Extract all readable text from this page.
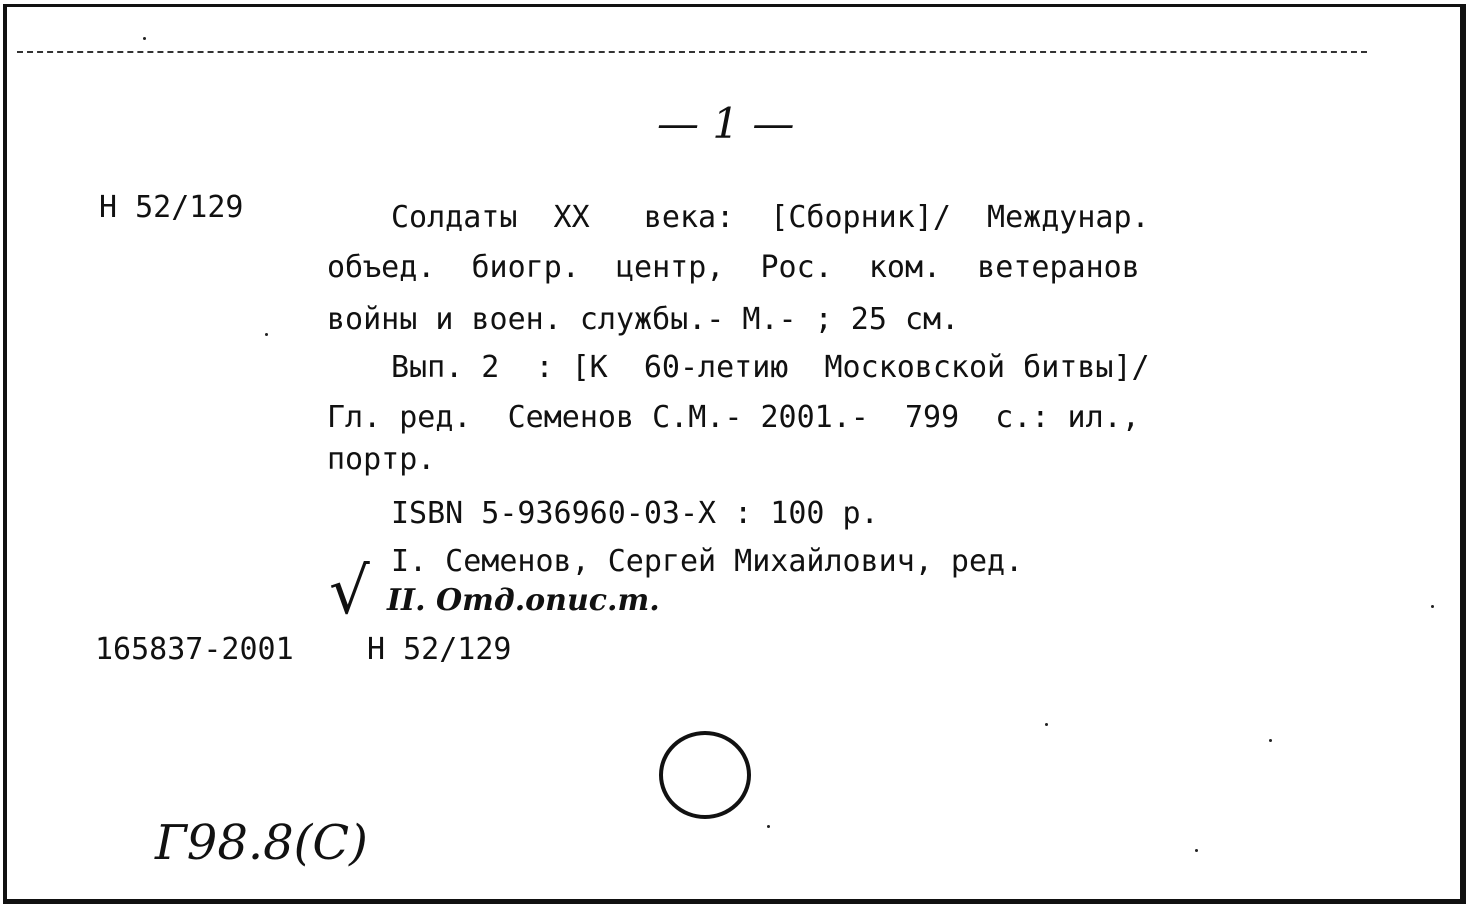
— 1 —
Н 52/129	Солдаты  ХХ   века:  [Сборник]/  Междунар.
объед.  биогр.  центр,  Рос.  ком.  ветеранов
войны и воен. службы.- М.- ; 25 см.
Вып. 2  : [К  60-летию  Московской битвы]/
Гл. ред.  Семенов С.М.- 2001.-  799  с.: ил.,
портр.
ISBN 5-936960-03-X : 100 р.
I. Семенов, Сергей Михайлович, ред.
√ II. Отд.опис.т.
165837-2001 Н 52/129
Г98.8(С)
